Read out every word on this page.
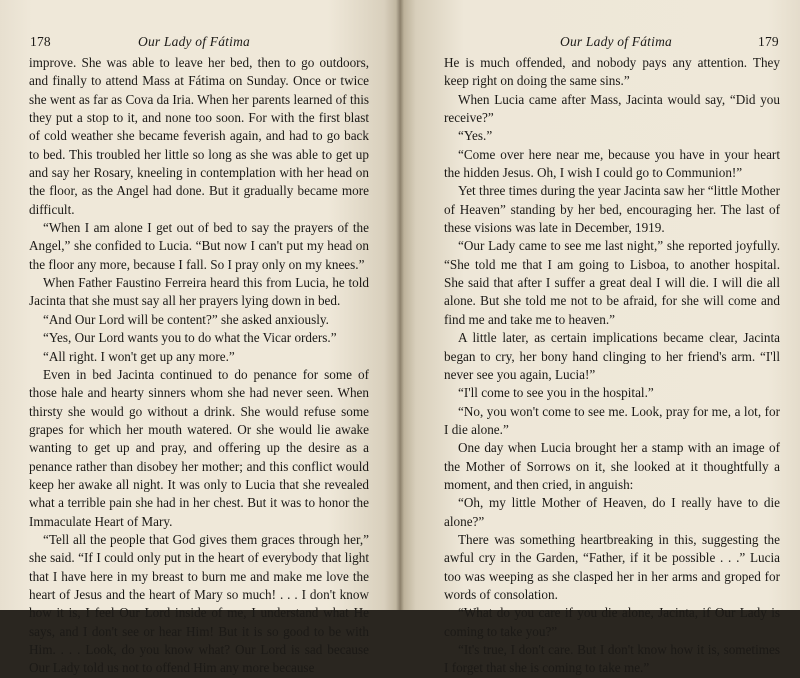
178	Our Lady of Fátima

improve. She was able to leave her bed, then to go outdoors, and finally to attend Mass at Fátima on Sunday. Once or twice she went as far as Cova da Iria. When her parents learned of this they put a stop to it, and none too soon. For with the first blast of cold weather she became feverish again, and had to go back to bed. This troubled her little so long as she was able to get up and say her Rosary, kneeling in contemplation with her head on the floor, as the Angel had done. But it gradually became more difficult.

“When I am alone I get out of bed to say the prayers of the Angel,” she confided to Lucia. “But now I can't put my head on the floor any more, because I fall. So I pray only on my knees.”

When Father Faustino Ferreira heard this from Lucia, he told Jacinta that she must say all her prayers lying down in bed.

“And Our Lord will be content?” she asked anxiously.

“Yes, Our Lord wants you to do what the Vicar orders.”

“All right. I won't get up any more.”

Even in bed Jacinta continued to do penance for some of those hale and hearty sinners whom she had never seen. When thirsty she would go without a drink. She would refuse some grapes for which her mouth watered. Or she would lie awake wanting to get up and pray, and offering up the desire as a penance rather than disobey her mother; and this conflict would keep her awake all night. It was only to Lucia that she revealed what a terrible pain she had in her chest. But it was to honor the Immaculate Heart of Mary.

“Tell all the people that God gives them graces through her,” she said. “If I could only put in the heart of everybody that light that I have here in my breast to burn me and make me love the heart of Jesus and the heart of Mary so much! . . . I don't know how it is, I feel Our Lord inside of me, I understand what He says, and I don't see or hear Him! But it is so good to be with Him. . . . Look, do you know what? Our Lord is sad because Our Lady told us not to offend Him any more because

Our Lady of Fátima	179

He is much offended, and nobody pays any attention. They keep right on doing the same sins.”

When Lucia came after Mass, Jacinta would say, “Did you receive?”

“Yes.”

“Come over here near me, because you have in your heart the hidden Jesus. Oh, I wish I could go to Communion!”

Yet three times during the year Jacinta saw her “little Mother of Heaven” standing by her bed, encouraging her. The last of these visions was late in December, 1919.

“Our Lady came to see me last night,” she reported joyfully. “She told me that I am going to Lisboa, to another hospital. She said that after I suffer a great deal I will die. I will die all alone. But she told me not to be afraid, for she will come and find me and take me to heaven.”

A little later, as certain implications became clear, Jacinta began to cry, her bony hand clinging to her friend's arm. “I'll never see you again, Lucia!”

“I'll come to see you in the hospital.”

“No, you won't come to see me. Look, pray for me, a lot, for I die alone.”

One day when Lucia brought her a stamp with an image of the Mother of Sorrows on it, she looked at it thoughtfully a moment, and then cried, in anguish:

“Oh, my little Mother of Heaven, do I really have to die alone?”

There was something heartbreaking in this, suggesting the awful cry in the Garden, “Father, if it be possible . . .” Lucia too was weeping as she clasped her in her arms and groped for words of consolation.

“What do you care if you die alone, Jacinta, if Our Lady is coming to take you?”

“It's true, I don't care. But I don't know how it is, sometimes I forget that she is coming to take me.”
